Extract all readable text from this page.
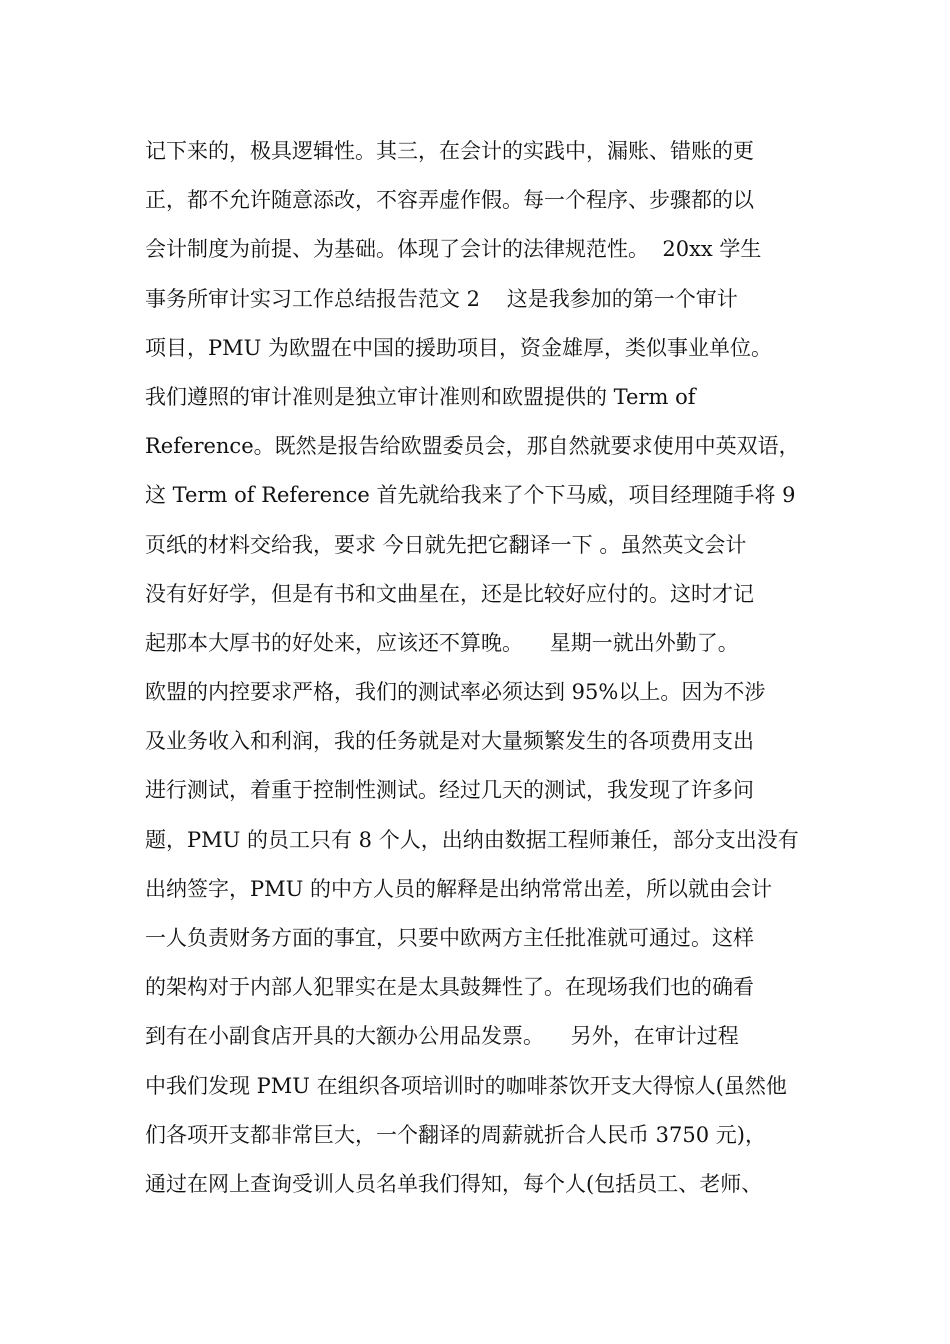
记下来的，极具逻辑性。其三，在会计的实践中，漏账、错账的更
正，都不允许随意添改，不容弄虚作假。每一个程序、步骤都的以
会计制度为前提、为基础。体现了会计的法律规范性。  20xx 学生
事务所审计实习工作总结报告范文 2    这是我参加的第一个审计
项目，PMU 为欧盟在中国的援助项目，资金雄厚，类似事业单位。
我们遵照的审计准则是独立审计准则和欧盟提供的 Term of
Reference。既然是报告给欧盟委员会，那自然就要求使用中英双语，
这 Term of Reference 首先就给我来了个下马威，项目经理随手将 9
页纸的材料交给我，要求 今日就先把它翻译一下 。虽然英文会计
没有好好学，但是有书和文曲星在，还是比较好应付的。这时才记
起那本大厚书的好处来，应该还不算晚。    星期一就出外勤了。
欧盟的内控要求严格，我们的测试率必须达到 95%以上。因为不涉
及业务收入和利润，我的任务就是对大量频繁发生的各项费用支出
进行测试，着重于控制性测试。经过几天的测试，我发现了许多问
题，PMU 的员工只有 8 个人，出纳由数据工程师兼任，部分支出没有
出纳签字，PMU 的中方人员的解释是出纳常常出差，所以就由会计
一人负责财务方面的事宜，只要中欧两方主任批准就可通过。这样
的架构对于内部人犯罪实在是太具鼓舞性了。在现场我们也的确看
到有在小副食店开具的大额办公用品发票。    另外，在审计过程
中我们发现 PMU 在组织各项培训时的咖啡茶饮开支大得惊人(虽然他
们各项开支都非常巨大，一个翻译的周薪就折合人民币 3750 元)，
通过在网上查询受训人员名单我们得知，每个人(包括员工、老师、
